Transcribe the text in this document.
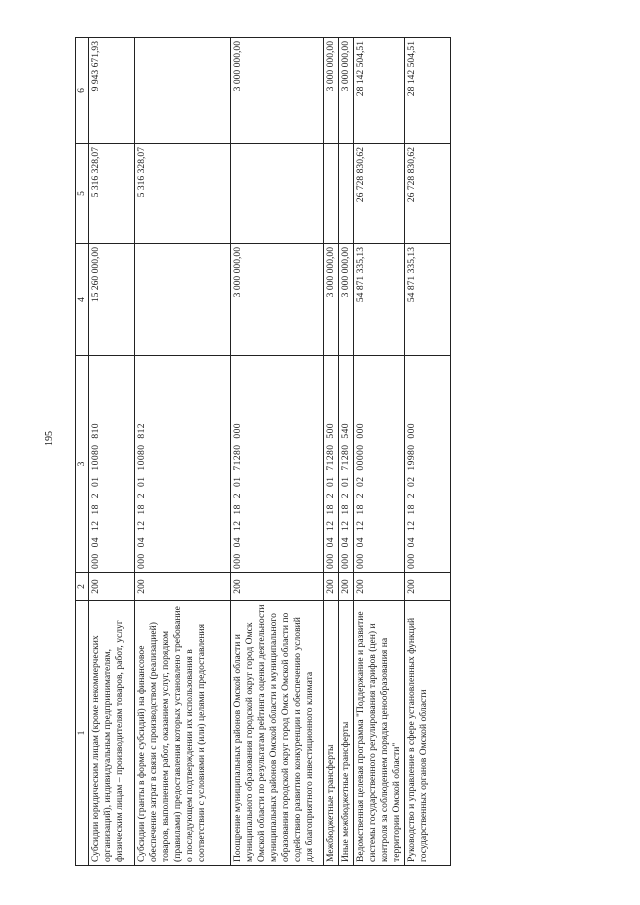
195
1	2	3	4	5	6
Субсидии юридическим лицам (кроме некоммерческих организаций), индивидуальным предпринимателям, физическим лицам – производителям товаров, работ, услуг	200	00004121820110080810	15 260 000,00	5 316 328,07	9 943 671,93
Субсидии (гранты в форме субсидий) на финансовое обеспечение затрат в связи с производством (реализацией) товаров, выполнением работ, оказанием услуг, порядком (правилами) предоставления которых установлено требование о последующем подтверждении их использования в соответствии с условиями и (или) целями предоставления	200	00004121820110080812		5 316 328,07	
Поощрение муниципальных районов Омской области и муниципального образования городской округ город Омск Омской области по результатам рейтинга оценки деятельности муниципальных районов Омской области и муниципального образования городской округ город Омск Омской области по содействию развитию конкуренции и обеспечению условий для благоприятного инвестиционного климата	200	00004121820171280000	3 000 000,00		3 000 000,00
Межбюджетные трансферты	200	00004121820171280500	3 000 000,00		3 000 000,00
Иные межбюджетные трансферты	200	00004121820171280540	3 000 000,00		3 000 000,00
Ведомственная целевая программа "Поддержание и развитие системы государственного регулирования тарифов (цен) и контроля за соблюдением порядка ценообразования на территории Омской области"	200	00004121820200000000	54 871 335,13	26 728 830,62	28 142 504,51
Руководство и управление в сфере установленных функций государственных органов Омской области	200	00004121820219980000	54 871 335,13	26 728 830,62	28 142 504,51
